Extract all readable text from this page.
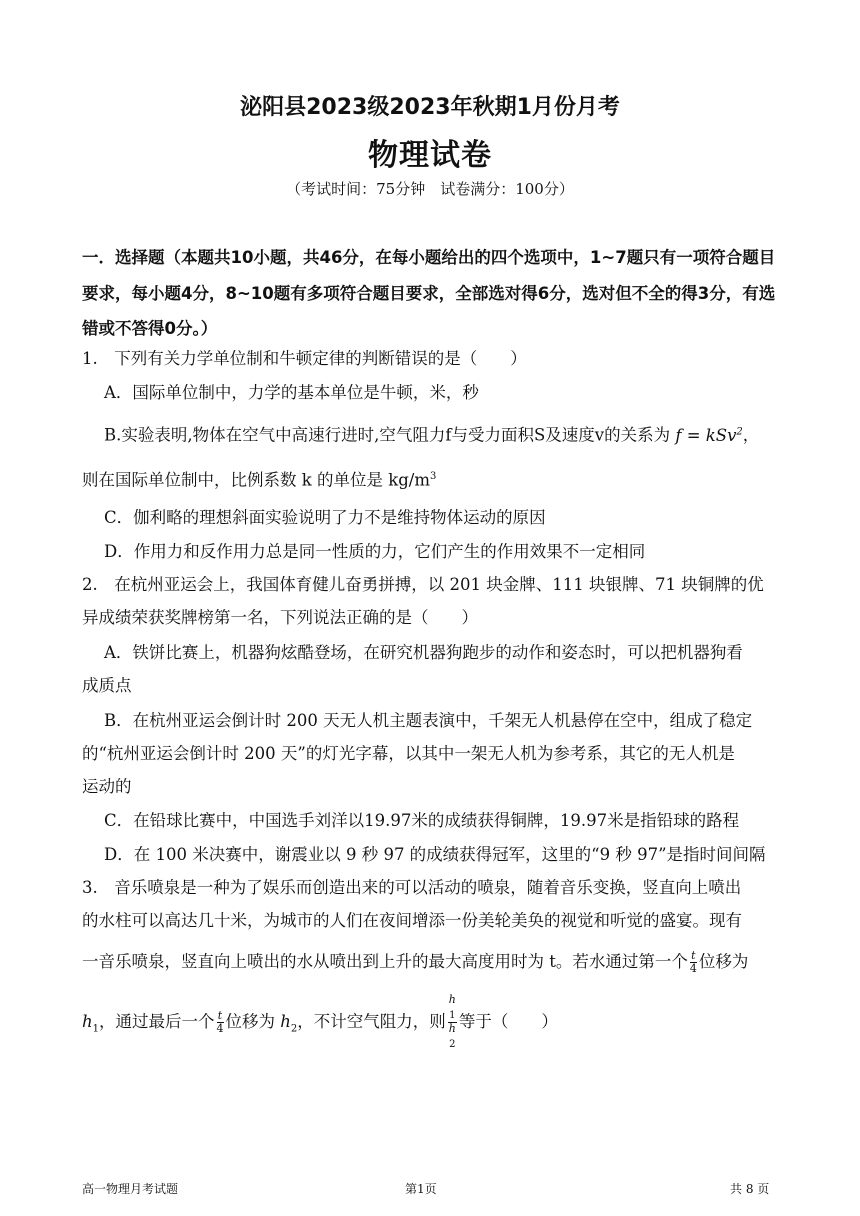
泌阳县2023级2023年秋期1月份月考
物理试卷
（考试时间：75分钟　试卷满分：100分）
一．选择题（本题共10小题，共46分，在每小题给出的四个选项中，1~7题只有一项符合题目
要求，每小题4分，8~10题有多项符合题目要求，全部选对得6分，选对但不全的得3分，有选
错或不答得0分。）
1.　下列有关力学单位制和牛顿定律的判断错误的是（　　）
A．国际单位制中，力学的基本单位是牛顿，米，秒
B.实验表明,物体在空气中高速行进时,空气阻力f与受力面积S及速度v的关系为 f = kSv$^2$，
则在国际单位制中，比例系数 k 的单位是 $kg/m^3$
C．伽利略的理想斜面实验说明了力不是维持物体运动的原因
D．作用力和反作用力总是同一性质的力，它们产生的作用效果不一定相同
2.　在杭州亚运会上，我国体育健儿奋勇拼搏，以 201 块金牌、111 块银牌、71 块铜牌的优
异成绩荣获奖牌榜第一名，下列说法正确的是（　　）
A．铁饼比赛上，机器狗炫酷登场，在研究机器狗跑步的动作和姿态时，可以把机器狗看
成质点
B．在杭州亚运会倒计时 200 天无人机主题表演中，千架无人机悬停在空中，组成了稳定
的“杭州亚运会倒计时 200 天”的灯光字幕，以其中一架无人机为参考系，其它的无人机是
运动的
C．在铅球比赛中，中国选手刘洋以19.97米的成绩获得铜牌，19.97米是指铅球的路程
D．在 100 米决赛中，谢震业以 9 秒 97 的成绩获得冠军，这里的“9 秒 97”是指时间间隔
3.　音乐喷泉是一种为了娱乐而创造出来的可以活动的喷泉，随着音乐变换，竖直向上喷出
的水柱可以高达几十米，为城市的人们在夜间增添一份美轮美奂的视觉和听觉的盛宴。现有
一音乐喷泉，竖直向上喷出的水从喷出到上升的最大高度用时为 t。若水通过第一个 $\frac{t}{4}$ 位移为
$h_1$，通过最后一个 $\frac{t}{4}$ 位移为 $h_2$，不计空气阻力，则 h
$_1$
h
$_2$ 等于（　　）
高一物理月考试题	第1页	共 8 页
